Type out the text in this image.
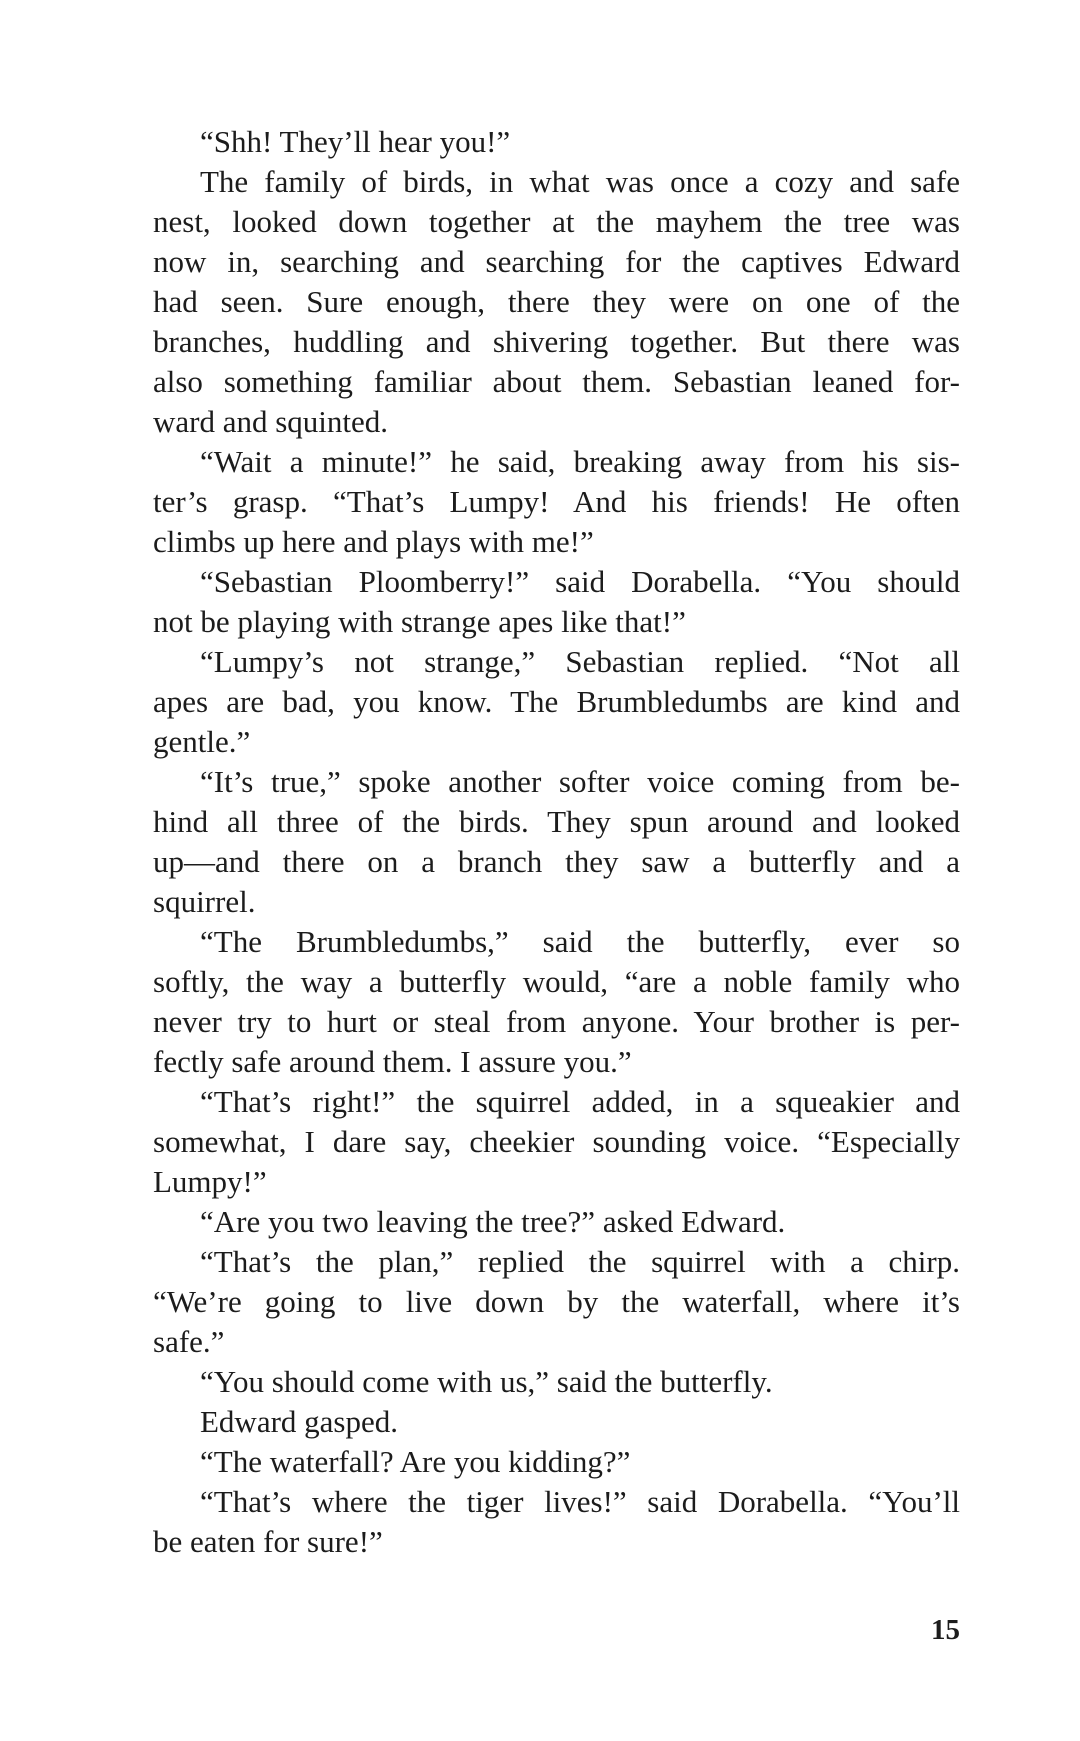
“Shh! They’ll hear you!”
The family of birds, in what was once a cozy and safe
nest, looked down together at the mayhem the tree was
now in, searching and searching for the captives Edward
had seen. Sure enough, there they were on one of the
branches, huddling and shivering together. But there was
also something familiar about them. Sebastian leaned for-
ward and squinted.
“Wait a minute!” he said, breaking away from his sis-
ter’s grasp. “That’s Lumpy! And his friends! He often
climbs up here and plays with me!”
“Sebastian Ploomberry!” said Dorabella. “You should
not be playing with strange apes like that!”
“Lumpy’s not strange,” Sebastian replied. “Not all
apes are bad, you know. The Brumbledumbs are kind and
gentle.”
“It’s true,” spoke another softer voice coming from be-
hind all three of the birds. They spun around and looked
up—and there on a branch they saw a butterfly and a
squirrel.
“The Brumbledumbs,” said the butterfly, ever so
softly, the way a butterfly would, “are a noble family who
never try to hurt or steal from anyone. Your brother is per-
fectly safe around them. I assure you.”
“That’s right!” the squirrel added, in a squeakier and
somewhat, I dare say, cheekier sounding voice. “Especially
Lumpy!”
“Are you two leaving the tree?” asked Edward.
“That’s the plan,” replied the squirrel with a chirp.
“We’re going to live down by the waterfall, where it’s
safe.”
“You should come with us,” said the butterfly.
Edward gasped.
“The waterfall? Are you kidding?”
“That’s where the tiger lives!” said Dorabella. “You’ll
be eaten for sure!”
15
